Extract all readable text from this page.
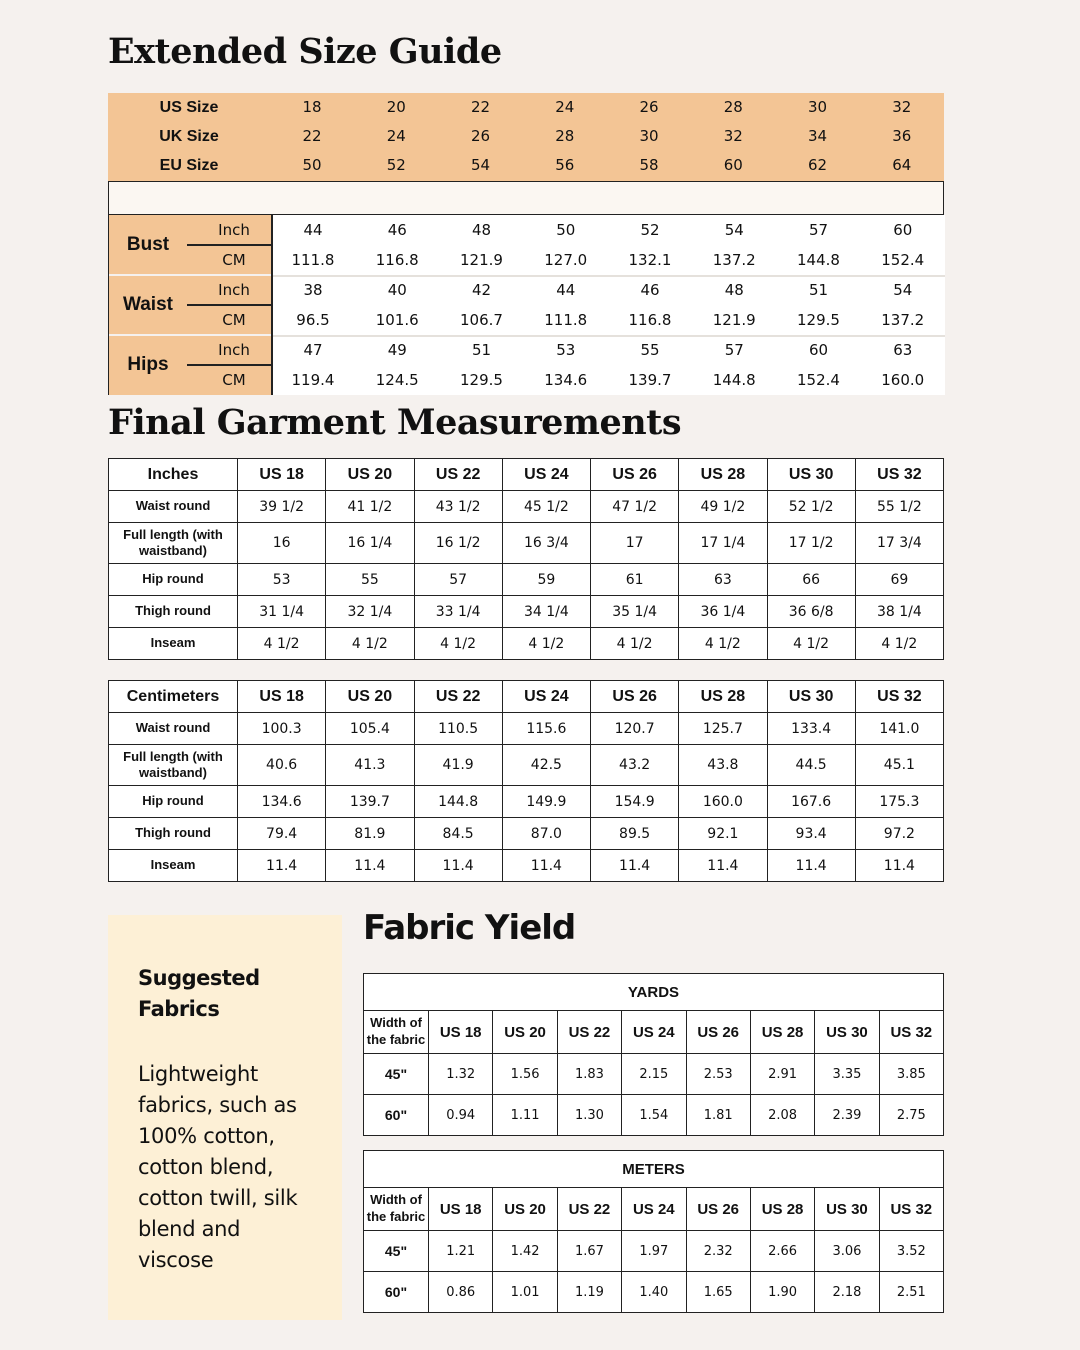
Extended Size Guide
Final Garment Measurements
Fabric Yield
US Size	18	20	22	24	26	28	30	32
UK Size	22	24	26	28	30	32	34	36
EU Size	50	52	54	56	58	60	62	64
Bust
Inch	44	46	48	50	52	54	57	60
CM	111.8	116.8	121.9	127.0	132.1	137.2	144.8	152.4
Waist
Inch	38	40	42	44	46	48	51	54
CM	96.5	101.6	106.7	111.8	116.8	121.9	129.5	137.2
Hips
Inch	47	49	51	53	55	57	60	63
CM	119.4	124.5	129.5	134.6	139.7	144.8	152.4	160.0
Inches	US 18	US 20	US 22	US 24	US 26	US 28	US 30	US 32
Waist round	39 1/2	41 1/2	43 1/2	45 1/2	47 1/2	49 1/2	52 1/2	55 1/2
Full length (with waistband)	16	16 1/4	16 1/2	16 3/4	17	17 1/4	17 1/2	17 3/4
Hip round	53	55	57	59	61	63	66	69
Thigh round	31 1/4	32 1/4	33 1/4	34 1/4	35 1/4	36 1/4	36 6/8	38 1/4
Inseam	4 1/2	4 1/2	4 1/2	4 1/2	4 1/2	4 1/2	4 1/2	4 1/2
Centimeters	US 18	US 20	US 22	US 24	US 26	US 28	US 30	US 32
Waist round	100.3	105.4	110.5	115.6	120.7	125.7	133.4	141.0
Full length (with waistband)	40.6	41.3	41.9	42.5	43.2	43.8	44.5	45.1
Hip round	134.6	139.7	144.8	149.9	154.9	160.0	167.6	175.3
Thigh round	79.4	81.9	84.5	87.0	89.5	92.1	93.4	97.2
Inseam	11.4	11.4	11.4	11.4	11.4	11.4	11.4	11.4

Suggested Fabrics

Lightweight fabrics, such as 100% cotton, cotton blend, cotton twill, silk blend and viscose

YARDS								
Width of the fabric	US 18	US 20	US 22	US 24	US 26	US 28	US 30	US 32
45"	1.32	1.56	1.83	2.15	2.53	2.91	3.35	3.85
60"	0.94	1.11	1.30	1.54	1.81	2.08	2.39	2.75
METERS								
Width of the fabric	US 18	US 20	US 22	US 24	US 26	US 28	US 30	US 32
45"	1.21	1.42	1.67	1.97	2.32	2.66	3.06	3.52
60"	0.86	1.01	1.19	1.40	1.65	1.90	2.18	2.51
